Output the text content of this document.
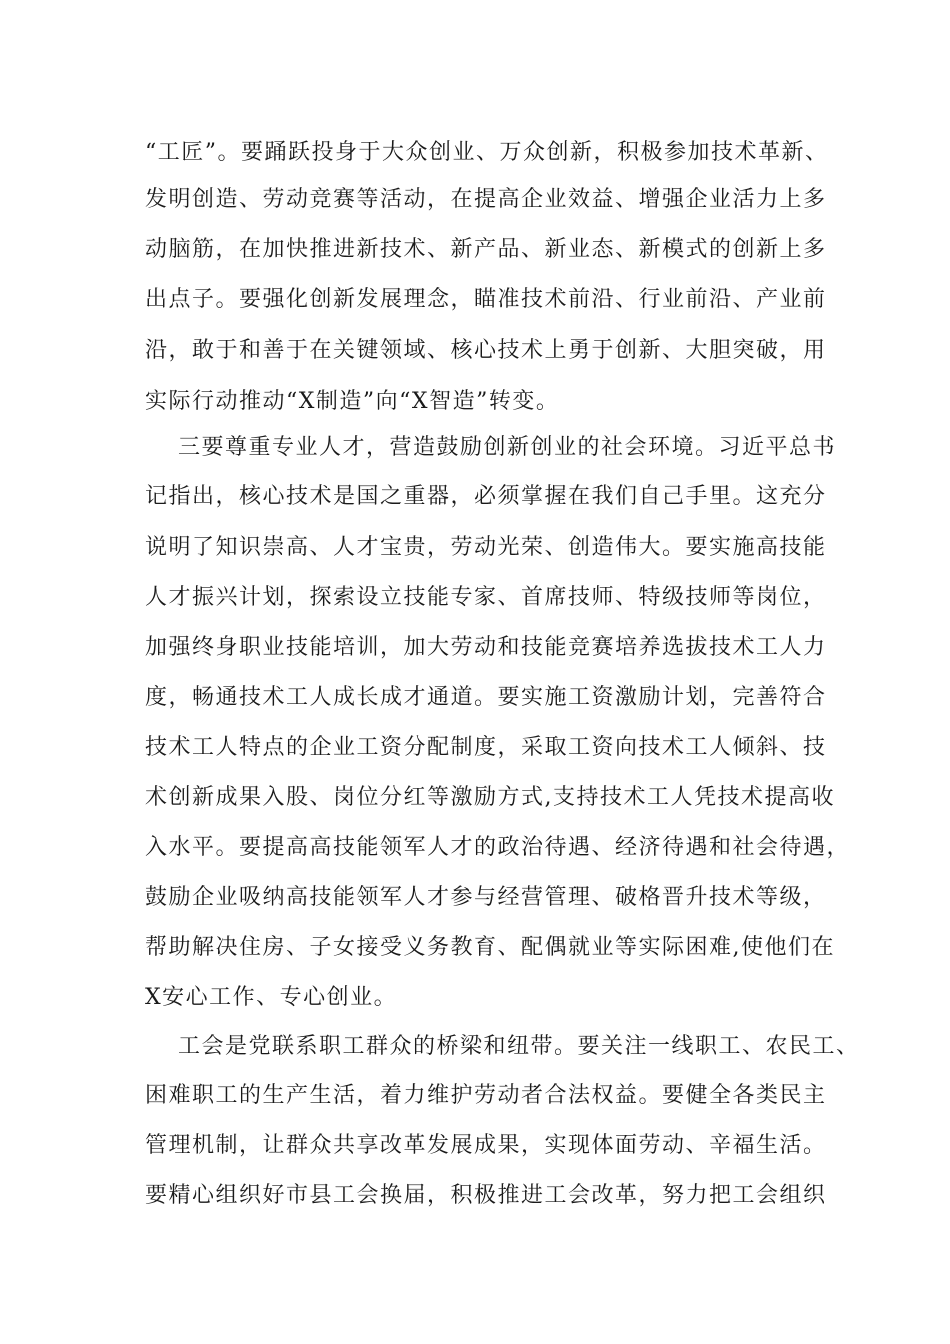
“工匠”。要踊跃投身于大众创业、万众创新，积极参加技术革新、
发明创造、劳动竞赛等活动，在提高企业效益、增强企业活力上多
动脑筋，在加快推进新技术、新产品、新业态、新模式的创新上多
出点子。要强化创新发展理念，瞄准技术前沿、行业前沿、产业前
沿，敢于和善于在关键领域、核心技术上勇于创新、大胆突破，用
实际行动推动“X制造”向“X智造”转变。
三要尊重专业人才，营造鼓励创新创业的社会环境。习近平总书
记指出，核心技术是国之重器，必须掌握在我们自己手里。这充分
说明了知识崇高、人才宝贵，劳动光荣、创造伟大。要实施高技能
人才振兴计划，探索设立技能专家、首席技师、特级技师等岗位，
加强终身职业技能培训，加大劳动和技能竞赛培养选拔技术工人力
度，畅通技术工人成长成才通道。要实施工资激励计划，完善符合
技术工人特点的企业工资分配制度，采取工资向技术工人倾斜、技
术创新成果入股、岗位分红等激励方式,支持技术工人凭技术提高收
入水平。要提高高技能领军人才的政治待遇、经济待遇和社会待遇，
鼓励企业吸纳高技能领军人才参与经营管理、破格晋升技术等级，
帮助解决住房、子女接受义务教育、配偶就业等实际困难,使他们在
X安心工作、专心创业。
工会是党联系职工群众的桥梁和纽带。要关注一线职工、农民工、
困难职工的生产生活，着力维护劳动者合法权益。要健全各类民主
管理机制，让群众共享改革发展成果，实现体面劳动、辛福生活。
要精心组织好市县工会换届，积极推进工会改革，努力把工会组织
